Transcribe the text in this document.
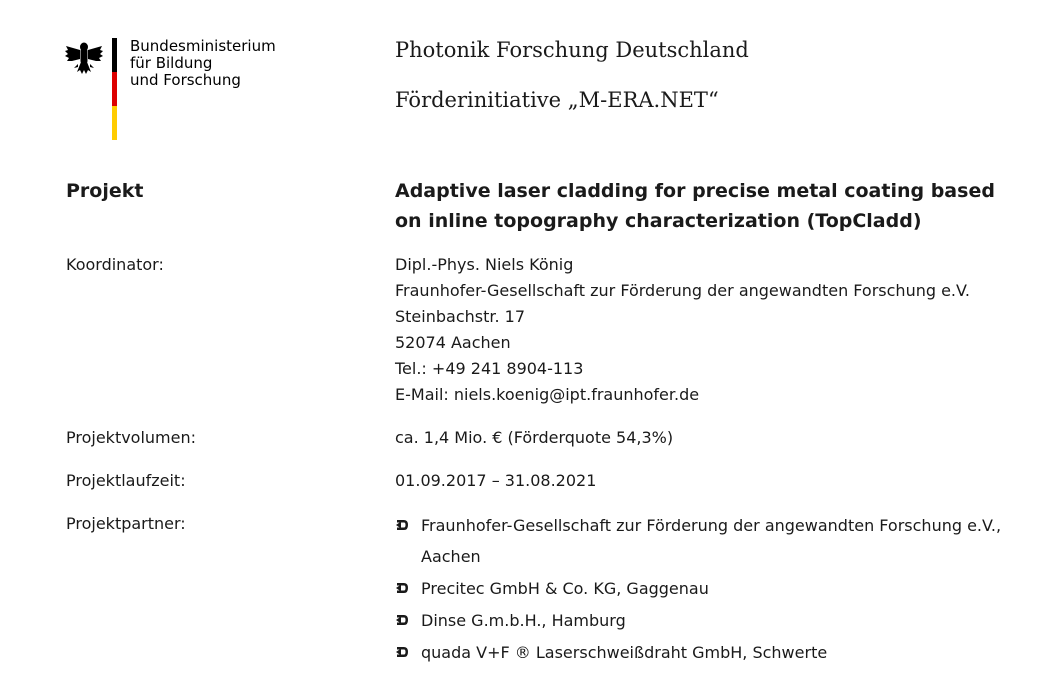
Bundesministerium
für Bildung
und Forschung
Photonik Forschung Deutschland
Förderinitiative „M-ERA.NET“
Projekt	Adaptive laser cladding for precise metal coating based on inline topography characterization (TopCladd)
Koordinator:	Dipl.-Phys. Niels König
Fraunhofer-Gesellschaft zur Förderung der angewandten Forschung e.V.
Steinbachstr. 17
52074 Aachen
Tel.: +49 241 8904-113
E-Mail: niels.koenig@ipt.fraunhofer.de
Projektvolumen:	ca. 1,4 Mio. € (Förderquote 54,3%)
Projektlaufzeit:	01.09.2017 – 31.08.2021
Projektpartner:	Fraunhofer-Gesellschaft zur Förderung der angewandten Forschung e.V., Aachen
Precitec GmbH & Co. KG, Gaggenau
Dinse G.m.b.H., Hamburg
quada V+F ® Laserschweißdraht GmbH, Schwerte
